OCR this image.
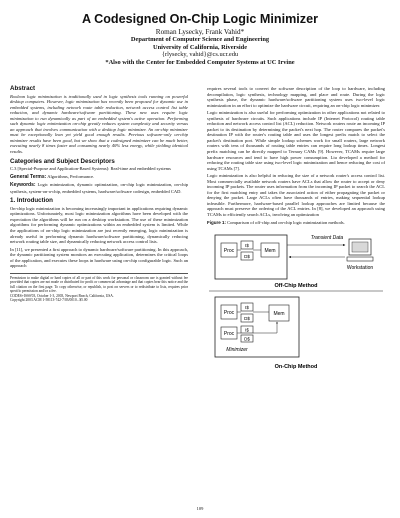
A Codesigned On-Chip Logic Minimizer
Roman Lysecky, Frank Vahid*
Department of Computer Science and Engineering
University of California, Riverside
{rlysecky, vahid}@cs.ucr.edu
*Also with the Center for Embedded Computer Systems at UC Irvine
Abstract

Boolean logic minimization is traditionally used in logic synthesis tools running on powerful desktop computers. However, logic minimization has recently been proposed for dynamic use in embedded systems, including network route table reduction, network access control list table reduction, and dynamic hardware/software partitioning. These new uses require logic minimization to run dynamically as part of an embedded system's active operation. Performing such dynamic logic minimization on-chip greatly reduces system complexity and security versus an approach that involves communication with a desktop logic minimizer. An on-chip minimizer must be exceptionally lean yet yield good enough results. Previous software-only on-chip minimizer results have been good, but we show that a codesigned minimizer can be much better, executing nearly 8 times faster and consuming nearly 40% less energy, while yielding identical results.

Categories and Subject Descriptors

C.3 [Special-Purpose and Application-Based Systems]: Real-time and embedded systems

General Terms: Algorithms, Performance.

Keywords: Logic minimization, dynamic optimization, on-chip logic minimization, on-chip synthesis, system-on-a-chip, embedded systems, hardware/software codesign, embedded CAD.

1. Introduction

On-chip logic minimization is becoming increasingly important in applications requiring dynamic optimizations. Unfortunately, most logic minimization algorithms have been developed with the expectation the algorithms will be run on a desktop workstation. The use of these minimization algorithms for performing dynamic optimizations within an embedded system is limited. While the applications of on-chip logic minimization are just recently emerging, logic minimization is already useful in performing dynamic hardware/software partitioning, dynamically reducing network routing table size, and dynamically reducing network access control lists.

In [11], we presented a first approach to dynamic hardware/software partitioning. In this approach, the dynamic partitioning system monitors an executing application, determines the critical loops of the application, and executes these loops in hardware using on-chip configurable logic. Such an approach

Permission to make digital or hard copies of all or part of this work for personal or classroom use is granted without fee provided that copies are not made or distributed for profit or commercial advantage and that copies bear this notice and the full citation on the first page. To copy otherwise, or republish, to post on servers or to redistribute to lists, requires prior specific permission and/or a fee.
CODES+ISSS'03, October 1-3, 2003, Newport Beach, California, USA.
Copyright 2003 ACM 1-58113-742-7/03/0010...$5.00

requires several tools to convert the software description of the loop to hardware, including decompilation, logic synthesis, technology mapping, and place and route. During the logic synthesis phase, the dynamic hardware/software partitioning system uses two-level logic minimization in an effort to optimize the hardware circuit, requiring an on-chip logic minimizer.

Logic minimization is also useful for performing optimization in other applications not related to synthesis of hardware circuits. Such applications include IP (Internet Protocol) routing table reduction and network access control list (ACL) reduction. Network routers route an incoming IP packet to its destination by determining the packet's next hop. The router compares the packet's destination IP with the router's routing table and uses the longest prefix match to select the packet's destination port. While simple lookup schemes work for small routers, large network routers with tens of thousands of routing table entries can require long lookup times. Longest prefix matching can be directly mapped to Ternary CAMs [9]. However, TCAMs require large hardware resources and tend to have high power consumption. Liu developed a method for reducing the routing table size using two-level logic minimization and hence reducing the cost of using TCAMs [7].

Logic minimization is also helpful in reducing the size of a network router's access control list. Most commercially available network routers have ACLs that allow the router to accept or deny incoming IP packets. The router uses information from the incoming IP packet to search the ACL for the first matching entry and takes the associated action of either propagating the packet or denying the packet. Large ACLs often have thousands of entries, making sequential lookup infeasible. Furthermore, hardware-based parallel lookup approaches are limited because the approach must preserve the ordering of the ACL entries. In [8], we developed an approach using TCAMs to efficiently search ACLs, involving an optimization

Figure 1: Comparison of off-chip and on-chip logic minimization methods.
Proc
I$
D$
Mem
Transient Data
Workstation
Off-Chip Method
Proc
I$
D$
Mem
Proc
I$
D$
Minimizer
On-Chip Method
109
